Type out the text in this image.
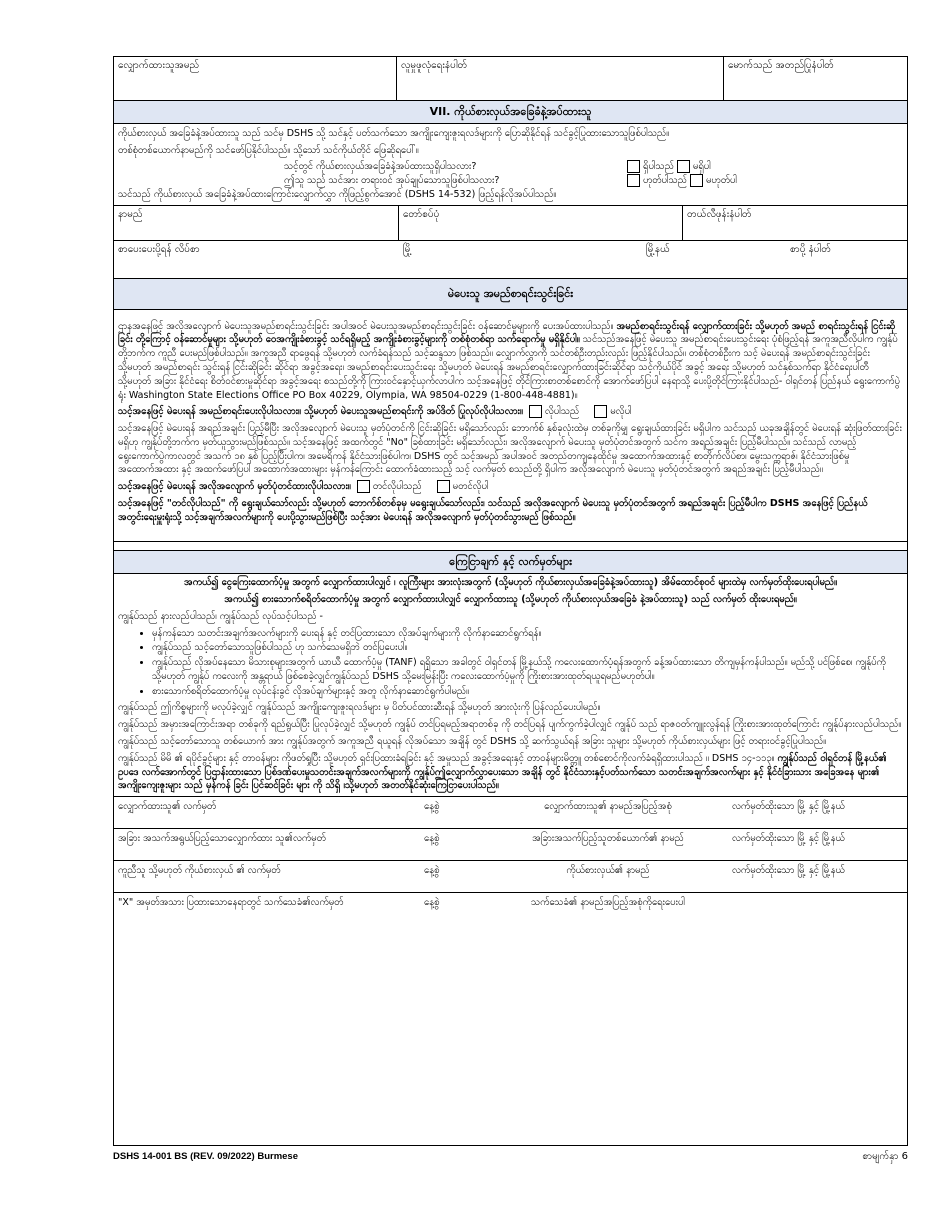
လျှောက်ထားသူအမည်	လူမှုဖူလုံရေးနံပါတ်	မောက်သည် အတည်ပြုနံပါတ်
VII. ကိုယ်စားလှယ်အခြေခံနဲ့အပ်ထားသူ

ကိုယ်စားလှယ် အခြေခံနဲ့အပ်ထားသူ သည် သင်မှ DSHS သို့ သင်နှင့် ပတ်သက်သော အကျိုးကျေးဇူးရလဒ်များကို ပြောဆိုနိုင်ရန် သင်ခွင့်ပြုထားသောသူဖြစ်ပါသည်။

တစ်စုံတစ်ယောက်နာမည်ကို သင်ဖော်ပြနိုင်ပါသည်။ သို့သော် သင်ကိုယ်တိုင် ဖြေဆိုရပေါ်။

သင့်တွင် ကိုယ်စားလှယ်အခြေခံနဲ့အပ်ထားသူရှိပါသလား?	ရှိပါသည် မရှိပါ
ဤသူ သည် သင်အား တရားဝင် အုပ်ချုပ်သောသူဖြစ်ပါသလား?	ဟုတ်ပါသည် မဟုတ်ပါ

သင်သည် ကိုယ်စားလှယ် အခြေခံနဲ့အပ်ထားကြောင်းလျှောက်လွှာ ကိုဖြည့်စွက်အောင် (DSHS 14-532) ဖြည့်ရန်လိုအပ်ပါသည်။

နာမည်	တော်စပ်ပုံ	တယ်လီဖုန်းနံပါတ်
စာပေးပေးပို့ရန် လိပ်စာ	မြို့	မြို့နယ်	စာပို့ နံပါတ်
မဲပေးသူ အမည်စာရင်းသွင်းခြင်း

ဌာနအနေဖြင့် အလိုအလျောက် မဲပေးသူအမည်စာရင်းသွင်းခြင်း အပါအဝင် မဲပေးသူအမည်စာရင်းသွင်းခြင်း ဝန်ဆောင်မှုများကို ပေးအပ်ထားပါသည်။ အမည်စာရင်းသွင်းရန် လျှောက်ထားခြင်း သို့မဟုတ် အမည် စာရင်းသွင်းရန် ငြင်းဆိုခြင်း တို့ကြောင့် ဝန်ဆောင်မှုများ သို့မဟုတ် ဝေအကျိုးခံစားခွင့် သင်ရရှိမည့် အကျိုးခံစားခွင့်များကို တစ်စုံတစ်ရာ သက်ရောက်မှု မရှိနိုင်ပါ။ သင်သည်အနေဖြင့် မဲပေးသူ အမည်စာရင်းပေးသွင်းရေး ပုံစံဖြည့်ရန် အကူအညီလိုပါက ကျွန်ုပ်တို့ဘက်က ကူညီ ပေးမည်ဖြစ်ပါသည်။ အကူအညီ ရာဖွေရန် သို့မဟုတ် လက်ခံရန်သည် သင့်ဆန္ဒသာ ဖြစ်သည်။ လျှောက်လွှာကို သင်တစ်ဦးတည်းလည်း ဖြည့်နိုင်ပါသည်။ တစ်စုံတစ်ဦးက သင့် မဲပေးရန် အမည်စာရင်းသွင်းခြင်း သို့မဟုတ် အမည်စာရင်း သွင်းရန် ငြင်းဆိုခြင်း ဆိုင်ရာ အခွင့်အရေး၊ အမည်စာရင်းပေးသွင်းရေး သို့မဟုတ် မဲပေးရန် အမည်စာရင်းလျှောက်ထားခြင်းဆိုင်ရာ သင့်ကိုယ်ပိုင် အခွင့် အရေး သို့မဟုတ် သင်နှစ်သက်ရာ နိုင်ငံရေးပါတီ သို့မဟုတ် အခြား နိုင်ငံရေး စိတ်ဝင်စားမှုဆိုင်ရာ အခွင့်အရေး စသည်တို့ကို ကြားဝင်နှောင့်ယှက်လာပါက သင့်အနေဖြင့် တိုင်ကြားစာတစ်စောင်ကို အောက်ဖော်ပြပါ နေရာသို့ ပေးပို့တိုင်ကြားနိုင်ပါသည်- ဝါရှင်တန် ပြည်နယ် ရွေးကောက်ပွဲ ရုံး Washington State Elections Office PO Box 40229, Olympia, WA 98504-0229 (1-800-448-4881)။

သင့်အနေဖြင့် မဲပေးရန် အမည်စာရင်းပေးလိုပါသလား။ သို့မဟုတ် မဲပေးသူအမည်စာရင်းကို အပ်ဒိတ် ပြုလုပ်လိုပါသလား။ လိုပါသည်	မလိုပါ

သင့်အနေဖြင့် မဲပေးရန် အရည်အချင်း ပြည့်မီပြီး အလိုအလျောက် မဲပေးသူ မှတ်ပုံတင်ကို ငြင်းဆိုခြင်း မရှိသော်လည်း ဘောက်စ် နှစ်ခုလုံးထဲမှ တစ်ခုကိုမျှ ရွေးချယ်ထားခြင်း မရှိပါက သင်သည် ယခုအချိန်တွင် မဲပေးရန် ဆုံးဖြတ်ထားခြင်းမရှိဟု ကျွန်ုပ်တို့ဘက်က မှတ်ယူသွားမည်ဖြစ်သည်။ သင့်အနေဖြင့် အထက်တွင် "No" ခြစ်ထားခြင်း မရှိသော်လည်း၊ အလိုအလျောက် မဲပေးသူ မှတ်ပုံတင်အတွက် သင်က အရည်အချင်း ပြည့်မီပါသည်။ သင်သည် လာမည့် ရွေးကောက်ပွဲကာလတွင် အသက် ၁၈ နှစ် ပြည့်ပြီးပါက၊ အမေရိကန် နိုင်ငံသားဖြစ်ပါက၊ DSHS တွင် သင့်အမည် အပါအဝင် အတည်တကျနေထိုင်မှု အထောက်အထားနှင့် စာတိုက်လိပ်စာ၊ မွေးသက္ကရာဇ်၊ နိုင်ငံသားဖြစ်မှု အထောက်အထား နှင့် အထက်ဖော်ပြပါ အထောက်အထားများ မှန်ကန်ကြောင်း ထောက်ခံထားသည့် သင့် လက်မှတ် စသည်တို့ ရှိပါက အလိုအလျောက် မဲပေးသူ မှတ်ပုံတင်အတွက် အရည်အချင်း ပြည့်မီပါသည်။

သင့်အနေဖြင့် မဲပေးရန် အလိုအလျောက် မှတ်ပုံတင်ထားလိုပါသလား။ တင်လိုပါသည်	မတင်လိုပါ

သင့်အနေဖြင့် "တင်လိုပါသည်" ကို ရွေးချယ်သော်လည်း သို့မဟုတ် ဘောက်စ်တစ်ခုမှ မရွေးချယ်သော်လည်း၊ သင်သည် အလိုအလျောက် မဲပေးသူ မှတ်ပုံတင်အတွက် အရည်အချင်း ပြည့်မီပါက DSHS အနေဖြင့် ပြည်နယ် အတွင်းရေးမှူးရုံးသို့ သင့်အချက်အလက်များကို ပေးပို့သွားမည်ဖြစ်ပြီး သင့်အား မဲပေးရန် အလိုအလျောက် မှတ်ပုံတင်သွားမည် ဖြစ်သည်။

ကြေငြာချက် နှင့် လက်မှတ်များ

အကယ်၍ ငွေကြေးထောက်ပံ့မှု အတွက် လျှောက်ထားပါလျှင် ၊ လူကြီးများ အားလုံးအတွက် (သို့မဟုတ် ကိုယ်စားလှယ်အခြေခံနဲ့အပ်ထားသူ) အိမ်ထောင်စုဝင် များထဲမှ လက်မှတ်ထိုးပေးရပါမည်။

အကယ်၍ စားသောက်စရိတ်ထောက်ပံ့မှု အတွက် လျှောက်ထားပါလျှင် လျှောက်ထားသူ (သို့မဟုတ် ကိုယ်စားလှယ်အခြေခံ နဲ့အပ်ထားသူ) သည် လက်မှတ် ထိုးပေးရမည်။

ကျွန်ုပ်သည် နားလည်ပါသည်၊ ကျွန်ုပ်သည် လုပ်သင့်ပါသည် -

• မှန်ကန်သော သတင်းအချက်အလက်များကို ပေးရန် နှင့် တင်ပြထားသော လိုအပ်ချက်များကို လိုက်နာဆောင်ရွက်ရန်။
• ကျွန်ုပ်သည် သင့်တော်သောသူဖြစ်ပါသည် ဟု သက်သေမရှိဘဲ တင်ပြပေးပါ။
• ကျွန်ုပ်သည် လိုအပ်နေသော မိသားစုများအတွက် ယာယီ ထောက်ပံ့မှု (TANF) ရရှိသော အခါတွင် ဝါရှင်တန် မြို့နယ်သို့ ကလေးထောက်ပံ့ရန်အတွက် ခန့်အပ်ထားသော တိကျမှန်ကန်ပါသည်။ မည်သို့ ပင်ဖြစ်စေ၊ ကျွန်ုပ်ကို သို့မဟုတ် ကျွန်ုပ် ကလေးကို အန္တရာယ် ဖြစ်စေခဲ့လျှင်ကျွန်ုပ်သည် DSHS သို့မေးမြန်းပြီး ကလေးထောက်ပံ့မှုကို ကြိုးစားအားထုတ်ရယူရမည်မဟုတ်ပါ။
• စားသောက်စရိတ်ထောက်ပံ့မှု လုပ်ငန်းခွင် လိုအပ်ချက်များနှင့် အတူ လိုက်နာဆောင်ရွက်ပါမည်။

ကျွန်ုပ်သည် ဤကိစ္စများကို မလုပ်ခဲ့လျှင် ကျွန်ုပ်သည် အကျိုးကျေးဇူးရလဒ်များ မှ ပိတ်ပင်ထားဆီးရန် သို့မဟုတ် အားလုံးကို ပြန်လည်ပေးပါမည်။

ကျွန်ုပ်သည် အမှားအကြောင်းအရာ တစ်ခုကို ရည်ရွယ်ပြီး ပြုလုပ်ခဲ့လျှင် သို့မဟုတ် ကျွန်ုပ် တင်ပြရမည့်အရာတစ်ခု ကို တင်ပြရန် ပျက်ကွက်ခဲ့ပါလျှင် ကျွန်ုပ် သည် ရာဇဝတ်ကျူးလွန်ရန် ကြိုးစားအားထုတ်ကြောင်း ကျွန်ုပ်နားလည်ပါသည်။

ကျွန်ုပ်သည် သင့်တော်သောသူ တစ်ယောက် အား ကျွန်ုပ်အတွက် အကူအညီ ရယူရန် လိုအပ်သော အချိန် တွင် DSHS သို့ ဆက်သွယ်ရန် အခြား သူများ သို့မဟုတ် ကိုယ်စားလှယ်များ ဖြင့် တရားဝင်ခွင့်ပြုပါသည်။

ကျွန်ုပ်သည် မိမိ ၏ ရပိုင်ခွင့်များ နှင့် တာဝန်များ ကိုဖတ်ရှုပြီး သို့မဟုတ် ရှင်းပြထားခံရခြင်း နှင့် အမှုသည် အခွင့်အရေးနှင့် တာဝန်များမိတ္တူ တစ်စောင်ကိုလက်ခံရရှိထားပါသည် ။ DSHS ၁၄-၁၁၃။ ကျွန်ုပ်သည် ဝါရှင်တန် မြို့နယ်၏ ဥပဒေ လက်အောက်တွင် ပြဌာန်းထားသော ပြစ်ဒဏ်ပေးမှုသတင်းအချက်အလက်များကို ကျွန်ုပ်ဤလျှောက်လွှာပေးသော အချိန် တွင် နိုင်ငံသားနှင့်ပတ်သက်သော သတင်းအချက်အလက်များ နှင့် နိုင်ငံခြားသား အခြေအနေ များ၏ အကျိုးကျေးဇူးများ သည် မှန်ကန် ခြင်း ပြင်ဆင်ခြင်း များ ကို သိရှိ ၊သို့မဟုတ် အတတ်နိုင်ဆုံးကြေငြာပေးပါသည်။

လျှောက်ထားသူ၏ လက်မှတ်	နေ့စွဲ	လျှောက်ထားသူ၏ နာမည်အပြည့်အစုံ	လက်မှတ်ထိုးသော မြို့ နှင့် မြို့နယ်
အခြား အသက်အရွယ်ပြည့်သောလျှောက်ထား သူ၏လက်မှတ်	နေ့စွဲ	အခြားအသက်ပြည့်သူတစ်ယောက်၏ နာမည်	လက်မှတ်ထိုးသော မြို့ နှင့် မြို့နယ်
ကူညီသူ သို့မဟုတ် ကိုယ်စားလှယ် ၏ လက်မှတ်	နေ့စွဲ	ကိုယ်စားလှယ်၏ နာမည်	လက်မှတ်ထိုးသော မြို့ နှင့် မြို့နယ်
"X" အမှတ်အသား ပြထားသောနေရာတွင် သက်သေခံ၏လက်မှတ်	နေ့စွဲ	သက်သေခံ၏ နာမည်အပြည့်အစုံကိုရေးပေးပါ
DSHS 14-001 BS (REV. 09/2022) Burmese	စာမျက်နှာ 6
